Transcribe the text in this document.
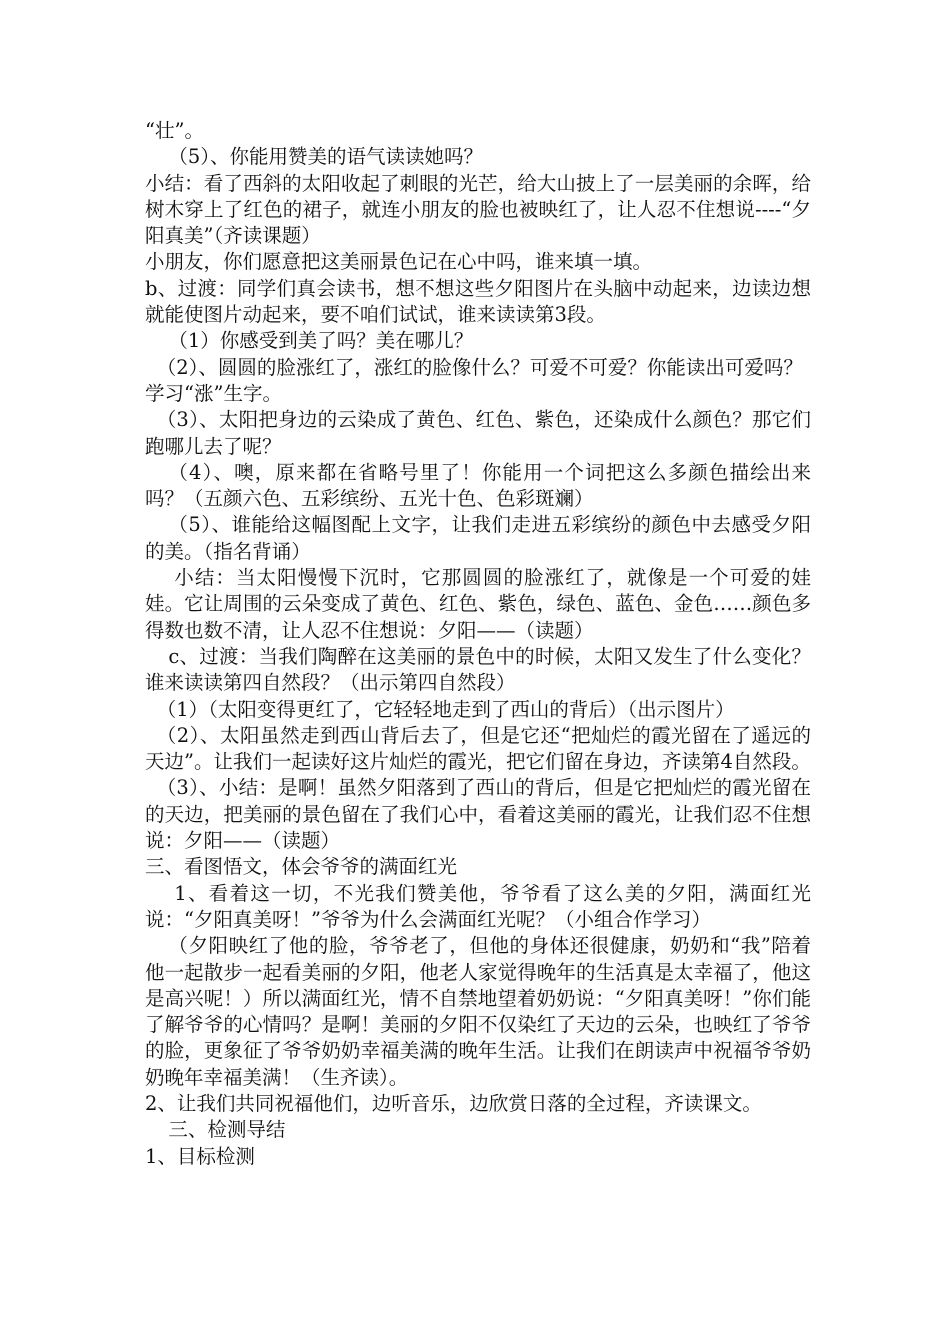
“壮”。

（5）、你能用赞美的语气读读她吗？

小结：看了西斜的太阳收起了刺眼的光芒，给大山披上了一层美丽的余晖，给树木穿上了红色的裙子，就连小朋友的脸也被映红了，让人忍不住想说----“夕阳真美”（齐读课题）

小朋友，你们愿意把这美丽景色记在心中吗，谁来填一填。

b、过渡：同学们真会读书，想不想这些夕阳图片在头脑中动起来，边读边想就能使图片动起来，要不咱们试试，谁来读读第3段。

（1）你感受到美了吗？美在哪儿？

（2）、圆圆的脸涨红了，涨红的脸像什么？可爱不可爱？你能读出可爱吗？

学习“涨”生字。

（3）、太阳把身边的云染成了黄色、红色、紫色，还染成什么颜色？那它们跑哪儿去了呢？

（4）、噢，原来都在省略号里了！你能用一个词把这么多颜色描绘出来吗？（五颜六色、五彩缤纷、五光十色、色彩斑斓）

（5）、谁能给这幅图配上文字，让我们走进五彩缤纷的颜色中去感受夕阳的美。（指名背诵）

小结：当太阳慢慢下沉时，它那圆圆的脸涨红了，就像是一个可爱的娃娃。它让周围的云朵变成了黄色、红色、紫色，绿色、蓝色、金色……颜色多得数也数不清，让人忍不住想说：夕阳——（读题）

c、过渡：当我们陶醉在这美丽的景色中的时候，太阳又发生了什么变化？谁来读读第四自然段？（出示第四自然段）

（1）（太阳变得更红了，它轻轻地走到了西山的背后）（出示图片）

（2）、太阳虽然走到西山背后去了，但是它还“把灿烂的霞光留在了遥远的天边”。让我们一起读好这片灿烂的霞光，把它们留在身边，齐读第4自然段。

（3）、小结：是啊！虽然夕阳落到了西山的背后，但是它把灿烂的霞光留在的天边，把美丽的景色留在了我们心中，看着这美丽的霞光，让我们忍不住想说：夕阳——（读题）

三、看图悟文，体会爷爷的满面红光

1、看着这一切，不光我们赞美他，爷爷看了这么美的夕阳，满面红光说：“夕阳真美呀！”爷爷为什么会满面红光呢？（小组合作学习）

（夕阳映红了他的脸，爷爷老了，但他的身体还很健康，奶奶和“我”陪着他一起散步一起看美丽的夕阳，他老人家觉得晚年的生活真是太幸福了，他这是高兴呢！）所以满面红光，情不自禁地望着奶奶说：“夕阳真美呀！”你们能了解爷爷的心情吗？是啊！美丽的夕阳不仅染红了天边的云朵，也映红了爷爷的脸，更象征了爷爷奶奶幸福美满的晚年生活。让我们在朗读声中祝福爷爷奶奶晚年幸福美满！（生齐读）。

2、让我们共同祝福他们，边听音乐，边欣赏日落的全过程，齐读课文。

三、检测导结

1、目标检测
